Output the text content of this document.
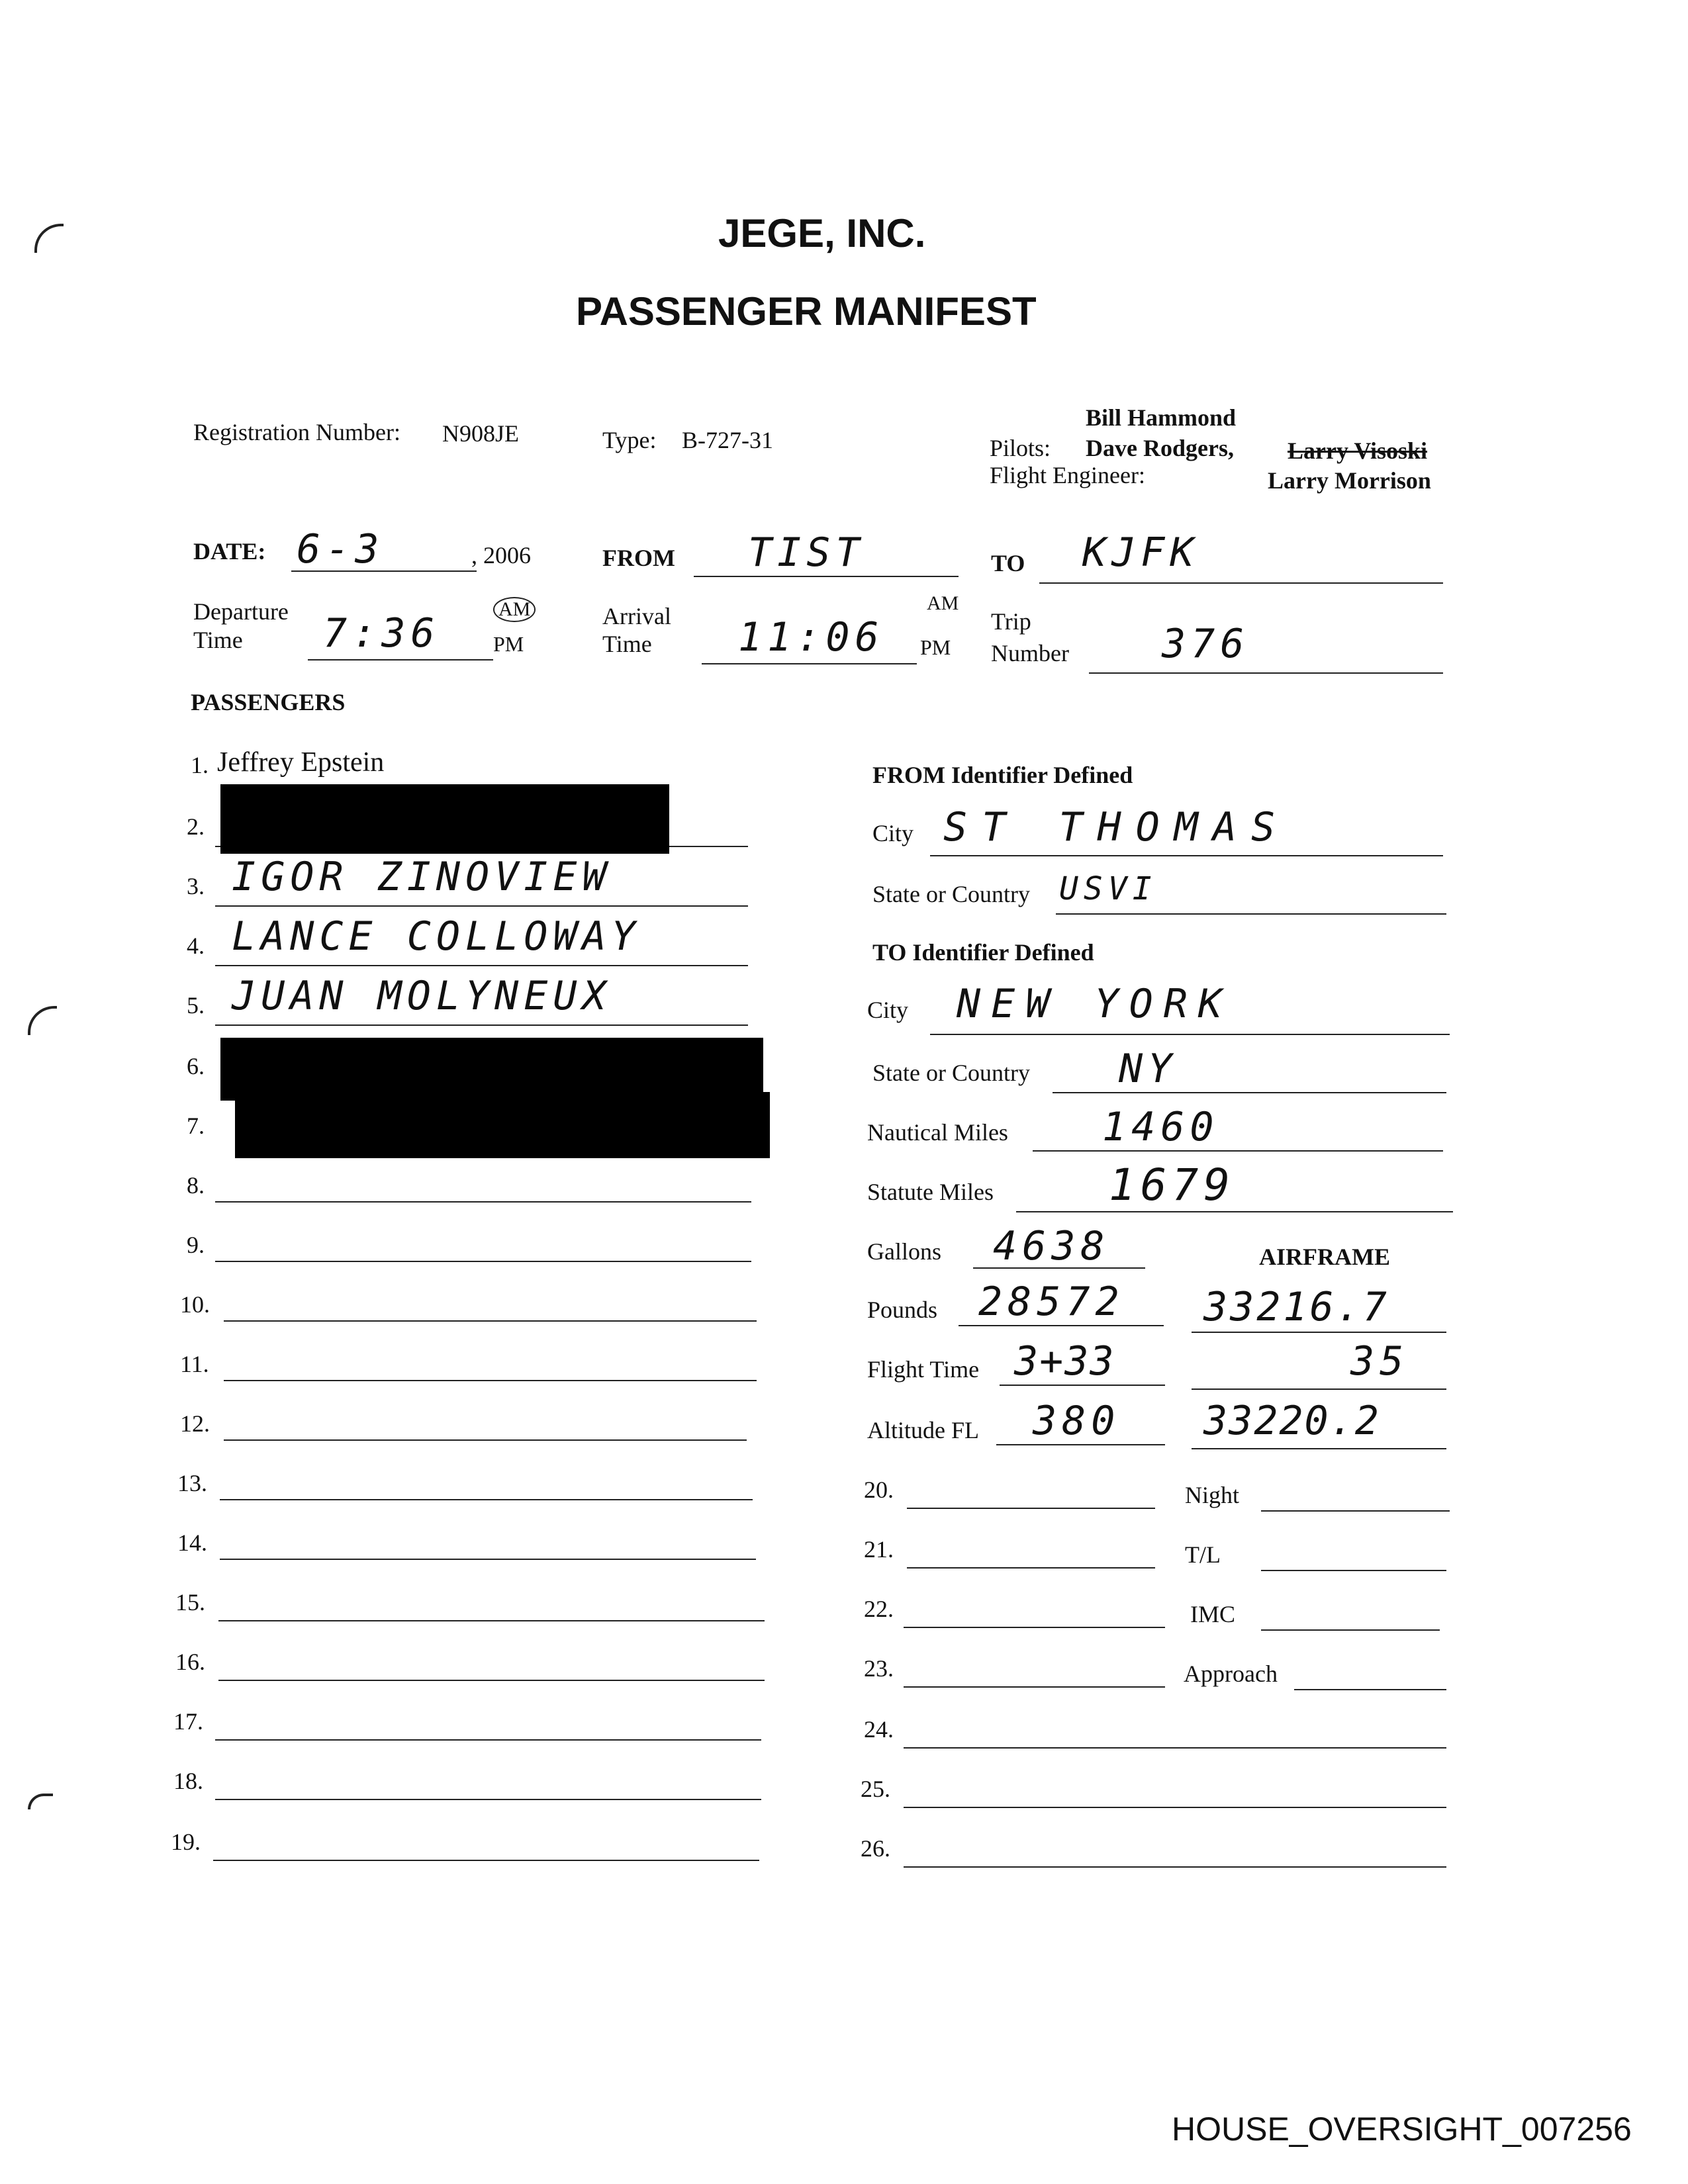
JEGE, INC.
PASSENGER MANIFEST
Registration Number: N908JE	Type: B-727-31
Bill Hammond
Pilots: Dave Rodgers, Larry Visoski
Flight Engineer:	Larry Morrison
DATE: 6-3	, 2006	FROM TIST	TO KJFK
Departure
Time 7:36
AM
PM
Arrival
Time 11:06
AM
PM
Trip
Number 376
PASSENGERS
1. Jeffrey Epstein
2.
3. IGOR ZINOVIEW
4. LANCE COLLOWAY
5. JUAN MOLYNEUX
6.
7.
8.
9.
10.
11.
12.
13.
14.
15.
16.
17.
18.
19.
FROM Identifier Defined
City ST THOMAS
State or Country USVI
TO Identifier Defined
City NEW YORK
State or Country NY
Nautical Miles 1460
Statute Miles	1679
Gallons 4638	AIRFRAME
Pounds 28572 33216.7
Flight Time 3+33	35
Altitude FL 380 33220.2
20.	Night
21.	T/L
22.	IMC
23.	Approach
24.
25.
26.
HOUSE_OVERSIGHT_007256
